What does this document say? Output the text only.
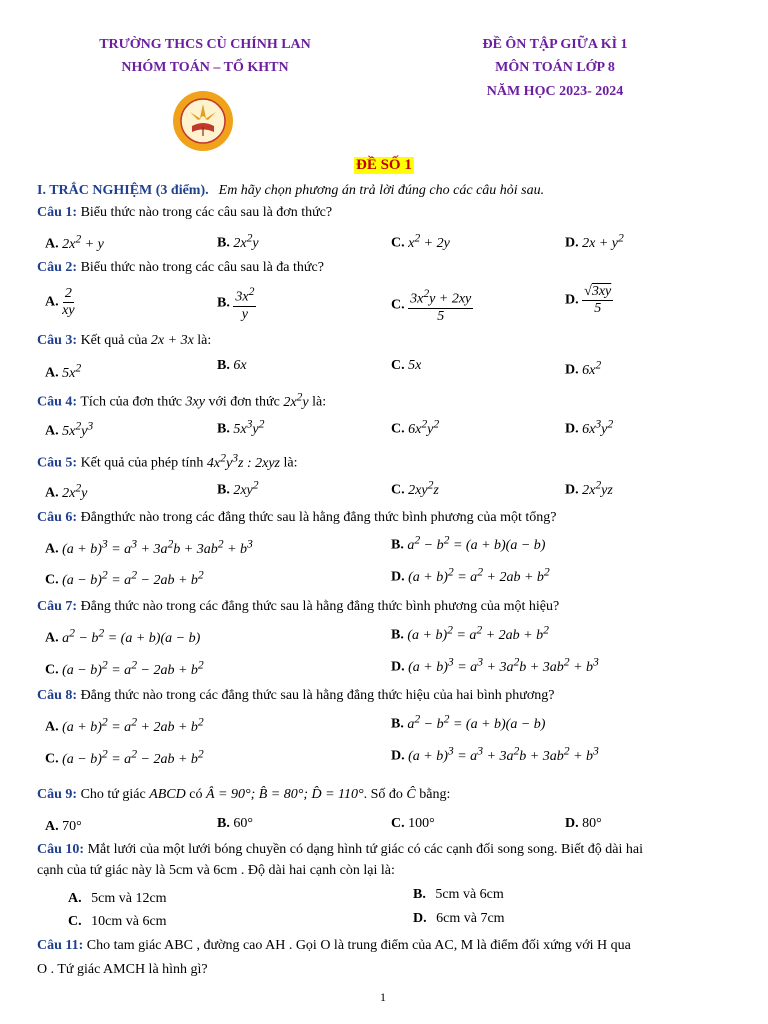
TRƯỜNG THCS CÙ CHÍNH LAN
NHÓM TOÁN – TỔ KHTN
ĐỀ ÔN TẬP GIỮA KÌ 1
MÔN TOÁN LỚP 8
NĂM HỌC 2023- 2024
ĐỀ SỐ 1
I. TRẮC NGHIỆM (3 điểm). Em hãy chọn phương án trả lời đúng cho các câu hỏi sau.
Câu 1: Biểu thức nào trong các câu sau là đơn thức?
A. $2x^2 + y$	B. $2x^2y$	C. $x^2 + 2y$	D. $2x + y^2$
Câu 2: Biểu thức nào trong các câu sau là đa thức?
A. $\frac{2}{xy}$	B. $\frac{3x^2}{y}$	C. $\frac{3x^2y + 2xy}{5}$	D. $\frac{√3xy}{5}$
Câu 3: Kết quả của 2x + 3x là:
A. $5x^2$	B. 6x	C. 5x	D. $6x^2$
Câu 4: Tích của đơn thức 3xy với đơn thức $2x^2y$ là:
A. $5x^2y^3$	B. $5x^3y^2$	C. $6x^2y^2$	D. $6x^3y^2$
Câu 5: Kết quả của phép tính $4x^2y^3z$ : 2xyz là:
A. $2x^2y$	B. $2xy^2$	C. $2xy^2z$	D. $2x^2yz$
Câu 6: Đẳngthức nào trong các đẳng thức sau là hằng đẳng thức bình phương của một tổng?
A. $(a + b)^3 = a^3 + 3a^2b + 3ab^2 + b^3$	B. $a^2 - b^2 = (a + b)(a - b)$
C. $(a - b)^2 = a^2 - 2ab + b^2$	D. $(a + b)^2 = a^2 + 2ab + b^2$
Câu 7: Đẳng thức nào trong các đẳng thức sau là hằng đẳng thức bình phương của một hiệu?
A. $a^2 - b^2 = (a + b)(a - b)$	B. $(a + b)^2 = a^2 + 2ab + b^2$
C. $(a - b)^2 = a^2 - 2ab + b^2$	D. $(a + b)^3 = a^3 + 3a^2b + 3ab^2 + b^3$
Câu 8: Đẳng thức nào trong các đẳng thức sau là hằng đẳng thức hiệu của hai bình phương?
A. $(a + b)^2 = a^2 + 2ab + b^2$	B. $a^2 - b^2 = (a + b)(a - b)$
C. $(a - b)^2 = a^2 - 2ab + b^2$	D. $(a + b)^3 = a^3 + 3a^2b + 3ab^2 + b^3$
Câu 9: Cho tứ giác ABCD có Â = 90°; B̂ = 80°; D̂ = 110°. Số đo Ĉ bằng:
A. 70°	B. 60°	C. 100°	D. 80°
Câu 10: Mắt lưới của một lưới bóng chuyền có dạng hình tứ giác có các cạnh đối song song. Biết độ dài hai
cạnh của tứ giác này là 5cm và 6cm . Độ dài hai cạnh còn lại là:
A. 5cm và 12cm	B. 5cm và 6cm
C. 10cm và 6cm	D. 6cm và 7cm
Câu 11: Cho tam giác ABC , đường cao AH . Gọi O là trung điểm của AC, M là điểm đối xứng với H qua
O . Tứ giác AMCH là hình gì?
1
